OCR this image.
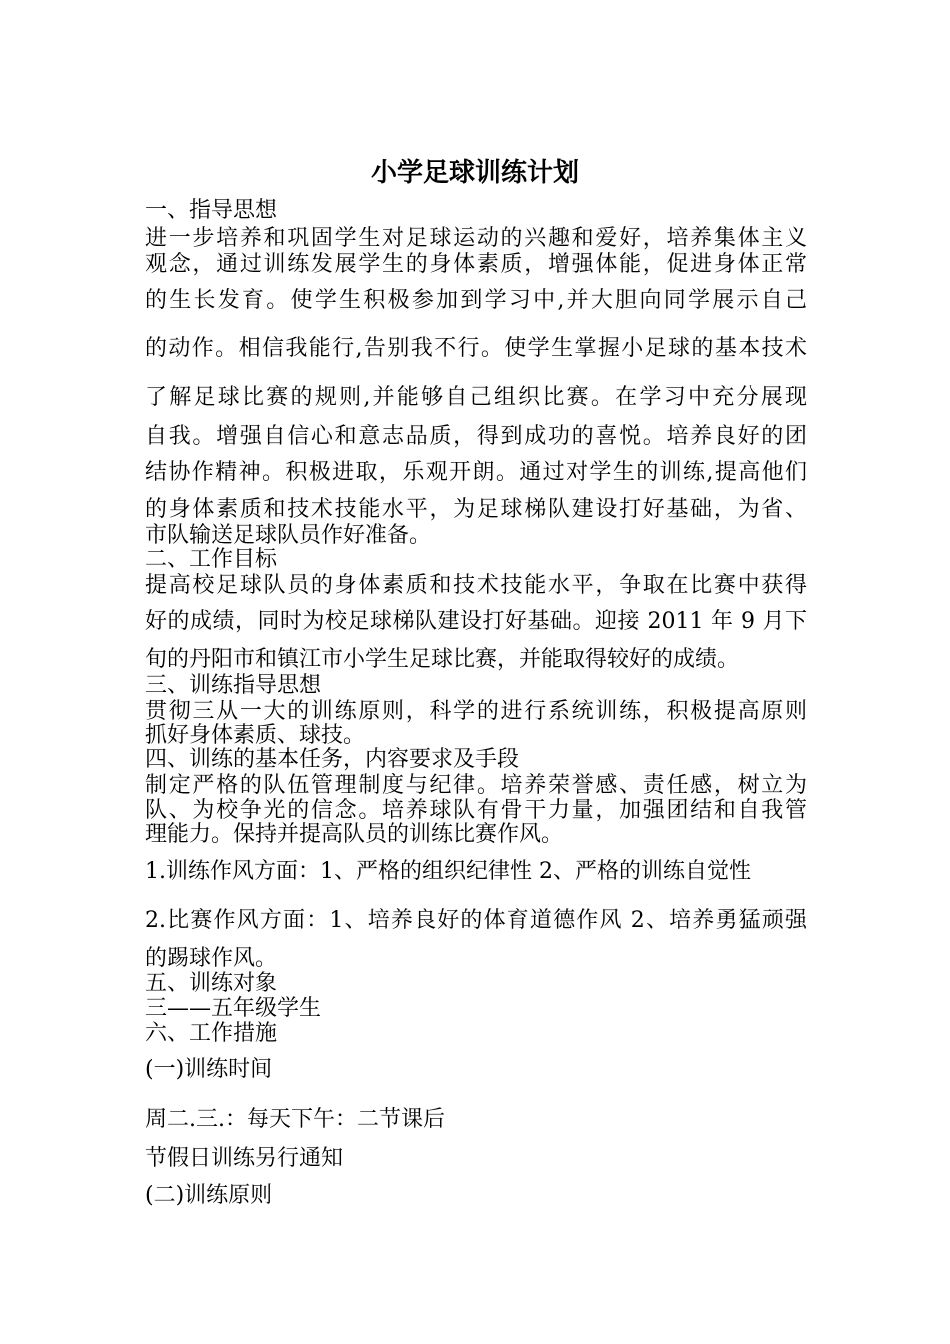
小学足球训练计划
一、指导思想
进一步培养和巩固学生对足球运动的兴趣和爱好，培养集体主义
观念，通过训练发展学生的身体素质，增强体能，促进身体正常
的生长发育。使学生积极参加到学习中,并大胆向同学展示自己
的动作。相信我能行,告别我不行。使学生掌握小足球的基本技术
了解足球比赛的规则,并能够自己组织比赛。在学习中充分展现
自我。增强自信心和意志品质，得到成功的喜悦。培养良好的团
结协作精神。积极进取，乐观开朗。通过对学生的训练,提高他们
的身体素质和技术技能水平，为足球梯队建设打好基础，为省、
市队输送足球队员作好准备。
二、工作目标
提高校足球队员的身体素质和技术技能水平，争取在比赛中获得
好的成绩，同时为校足球梯队建设打好基础。迎接 2011 年 9 月下
旬的丹阳市和镇江市小学生足球比赛，并能取得较好的成绩。
三、训练指导思想
贯彻三从一大的训练原则，科学的进行系统训练，积极提高原则
抓好身体素质、球技。
四、训练的基本任务，内容要求及手段
制定严格的队伍管理制度与纪律。培养荣誉感、责任感，树立为
队、为校争光的信念。培养球队有骨干力量，加强团结和自我管
理能力。保持并提高队员的训练比赛作风。
1.训练作风方面：1、严格的组织纪律性 2、严格的训练自觉性
2.比赛作风方面：1、培养良好的体育道德作风 2、培养勇猛顽强
的踢球作风。
五、训练对象
三——五年级学生
六、工作措施
(一)训练时间
周二.三.：每天下午：二节课后
节假日训练另行通知
(二)训练原则
